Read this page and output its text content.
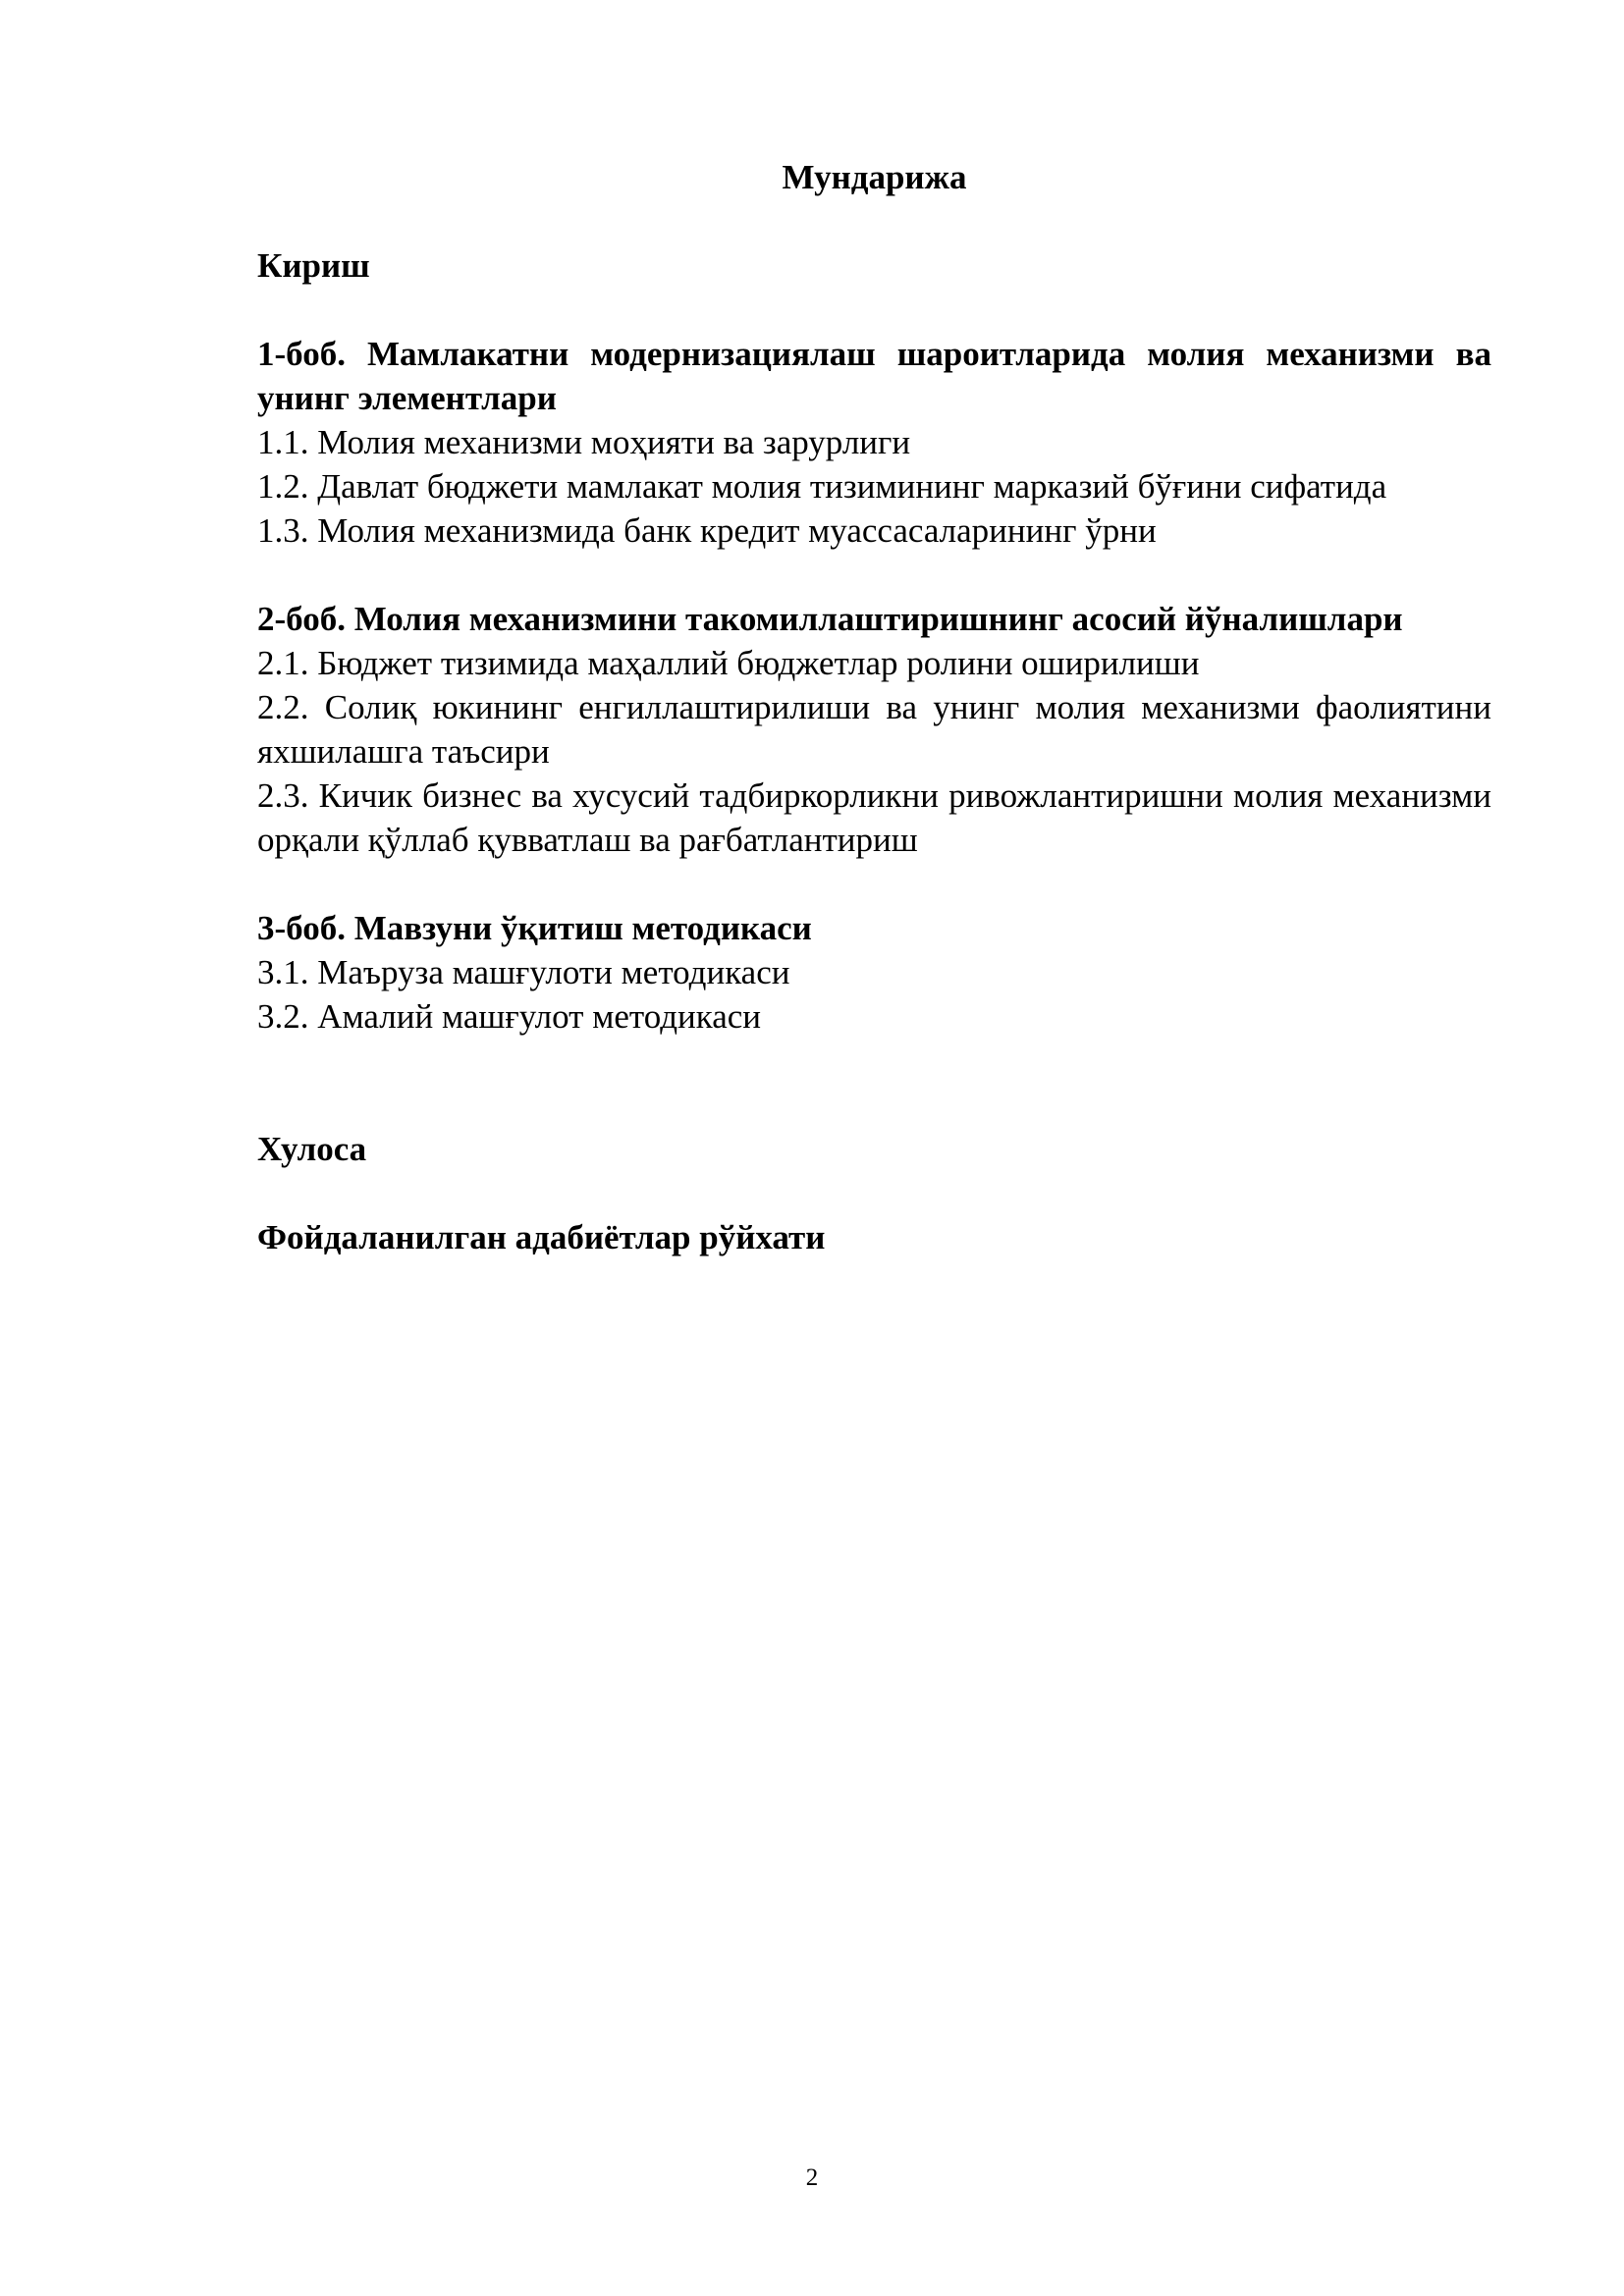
Мундарижа

Кириш

1-боб. Мамлакатни модернизациялаш шароитларида молия механизми ва унинг элементлари
1.1. Молия механизми моҳияти ва зарурлиги
1.2. Давлат бюджети мамлакат молия тизимининг марказий бўғини сифатида
1.3. Молия механизмида банк кредит муассасаларининг ўрни
2-боб. Молия механизмини такомиллаштиришнинг асосий йўналишлари
2.1. Бюджет тизимида маҳаллий бюджетлар ролини оширилиши
2.2. Солиқ юкининг енгиллаштирилиши ва унинг молия механизми фаолиятини яхшилашга таъсири
2.3. Кичик бизнес ва хусусий тадбиркорликни ривожлантиришни молия механизми орқали қўллаб қувватлаш ва рағбатлантириш
3-боб. Мавзуни ўқитиш методикаси
3.1. Маъруза машғулоти методикаси
3.2. Амалий машғулот методикаси

Хулоса

Фойдаланилган адабиётлар рўйхати

2
